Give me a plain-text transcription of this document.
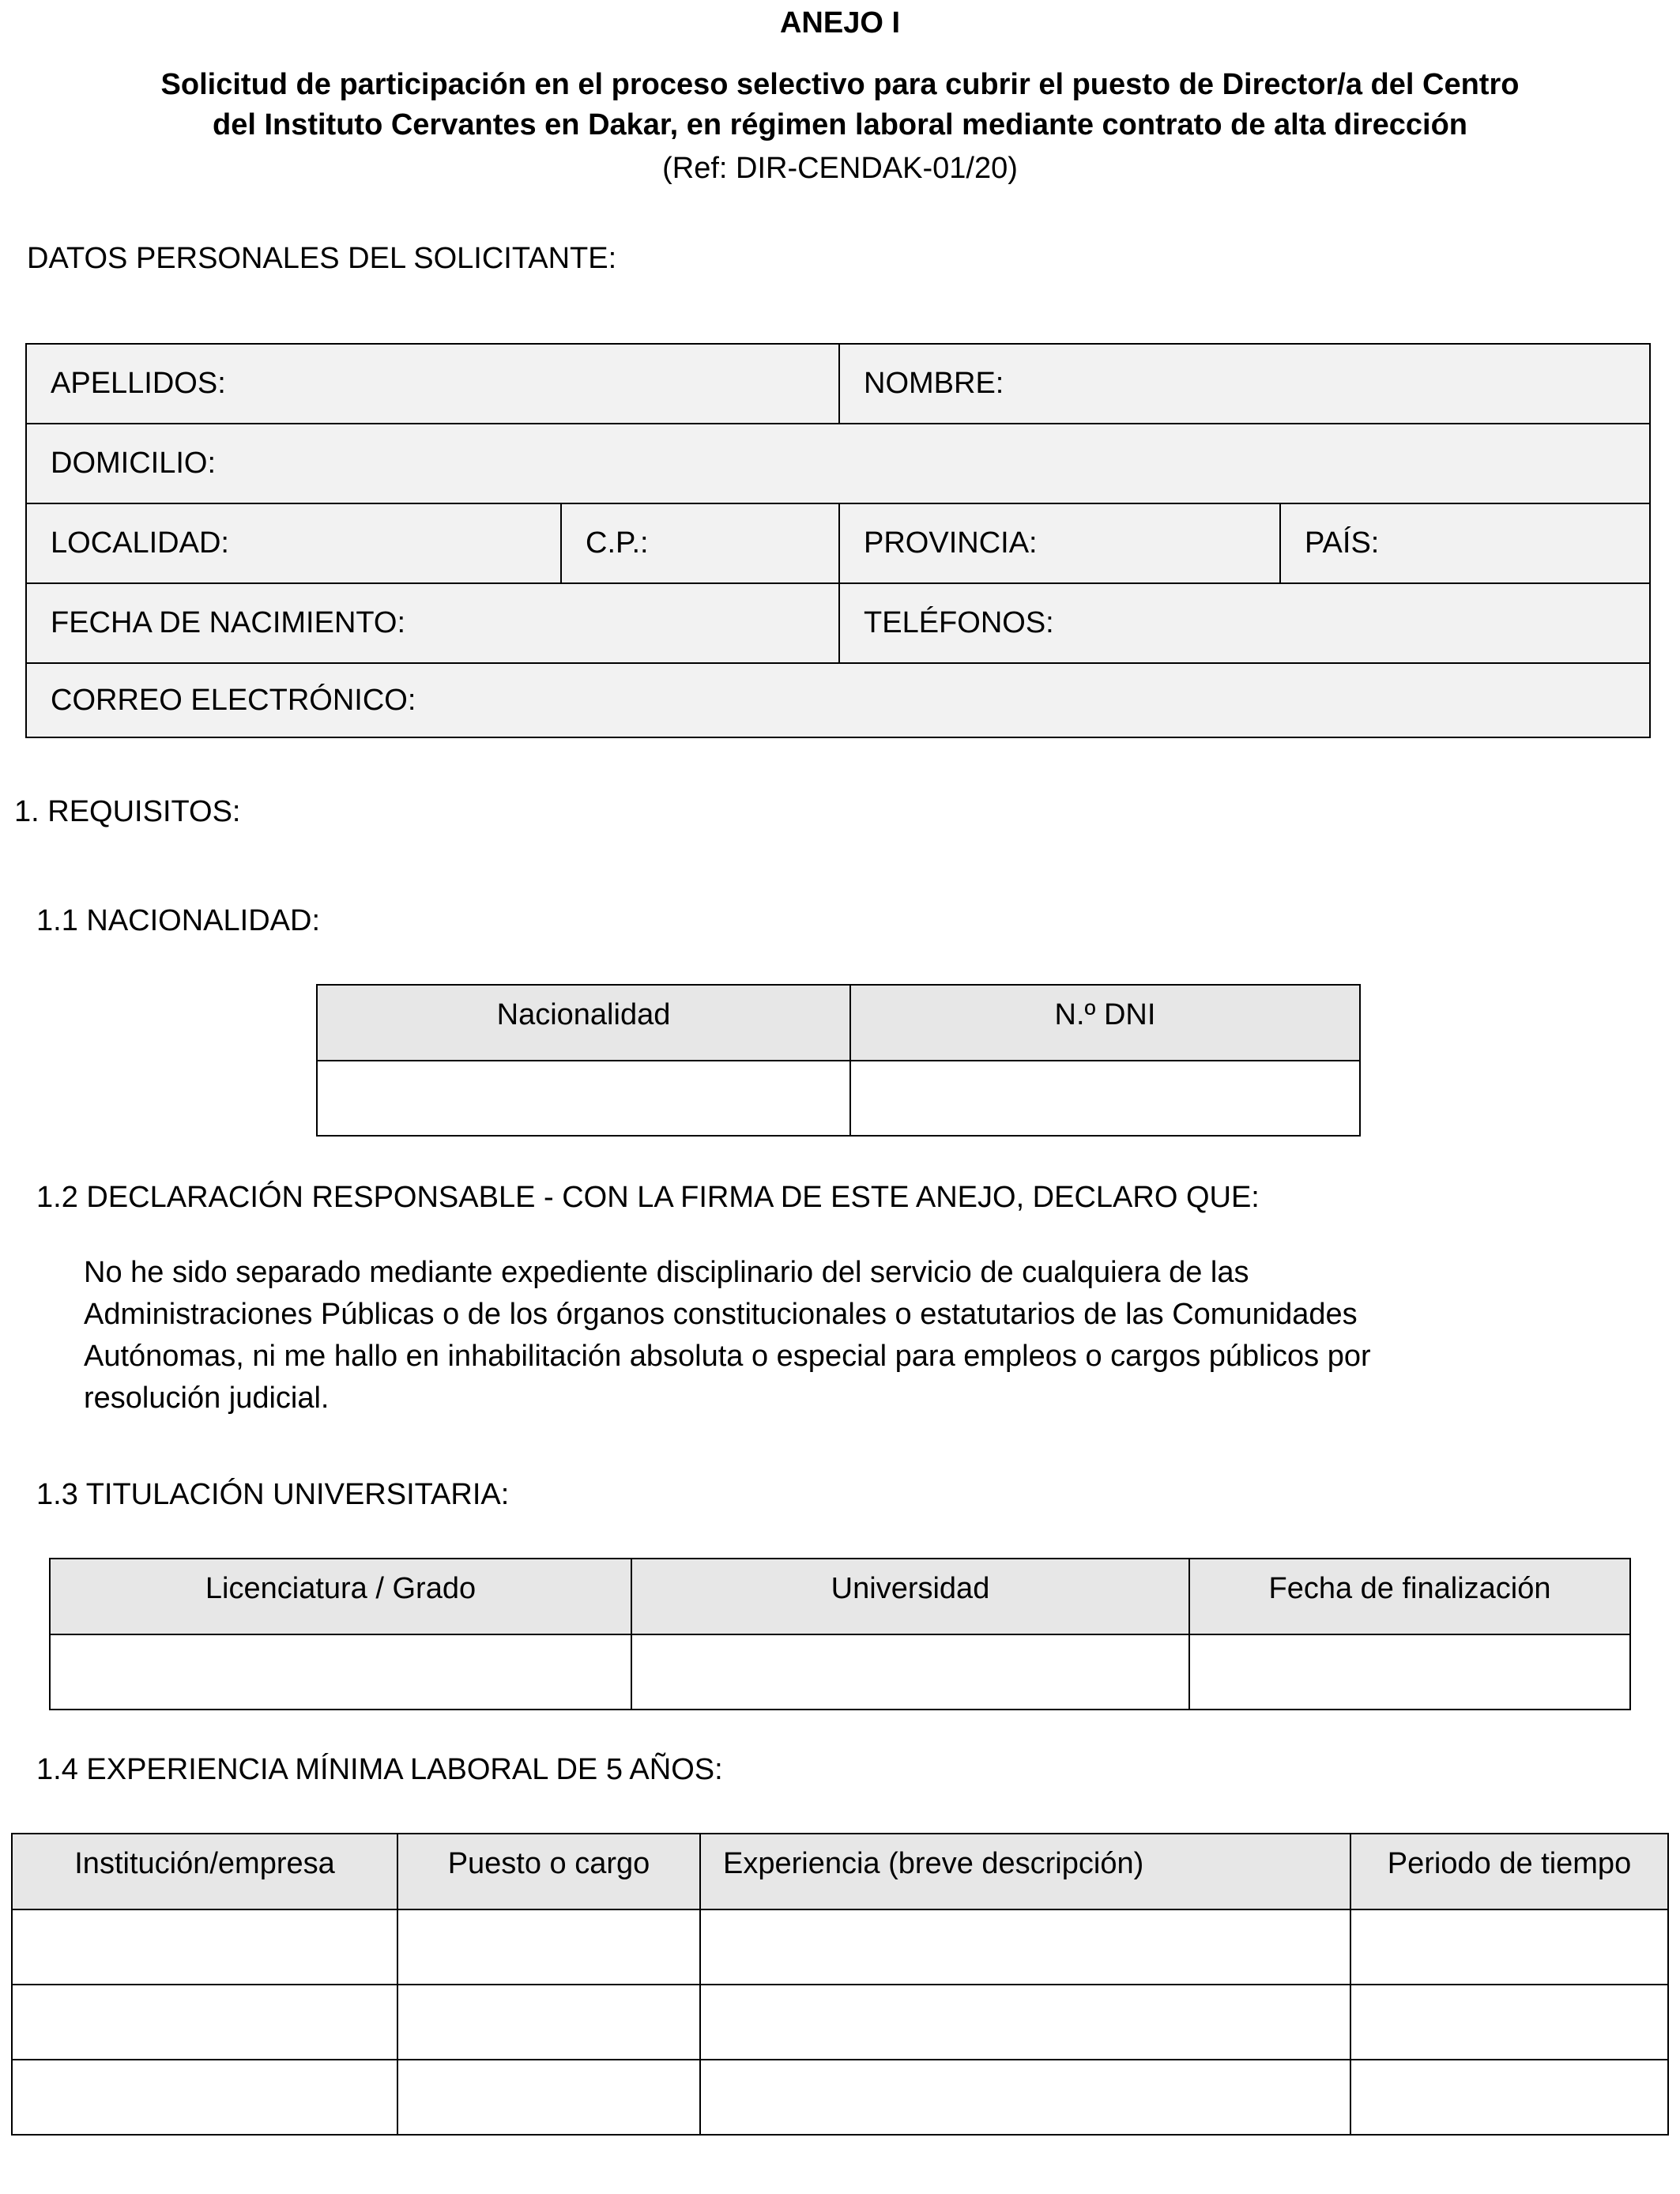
ANEJO I
Solicitud de participación en el proceso selectivo para cubrir el puesto de Director/a del Centro
del Instituto Cervantes en Dakar, en régimen laboral mediante contrato de alta dirección
(Ref: DIR-CENDAK-01/20)
DATOS PERSONALES DEL SOLICITANTE:
APELLIDOS:		NOMBRE:	
DOMICILIO:			
LOCALIDAD:	C.P.:	PROVINCIA:	PAÍS:
FECHA DE NACIMIENTO:		TELÉFONOS:	
CORREO ELECTRÓNICO:			
1. REQUISITOS:
1.1 NACIONALIDAD:
Nacionalidad	N.º DNI

1.2 DECLARACIÓN RESPONSABLE - CON LA FIRMA DE ESTE ANEJO, DECLARO QUE:
No he sido separado mediante expediente disciplinario del servicio de cualquiera de las
Administraciones Públicas o de los órganos constitucionales o estatutarios de las Comunidades
Autónomas, ni me hallo en inhabilitación absoluta o especial para empleos o cargos públicos por
resolución judicial.
1.3 TITULACIÓN UNIVERSITARIA:
Licenciatura / Grado	Universidad	Fecha de finalización

1.4 EXPERIENCIA MÍNIMA LABORAL DE 5 AÑOS:
Institución/empresa	Puesto o cargo	Experiencia (breve descripción)	Periodo de tiempo
